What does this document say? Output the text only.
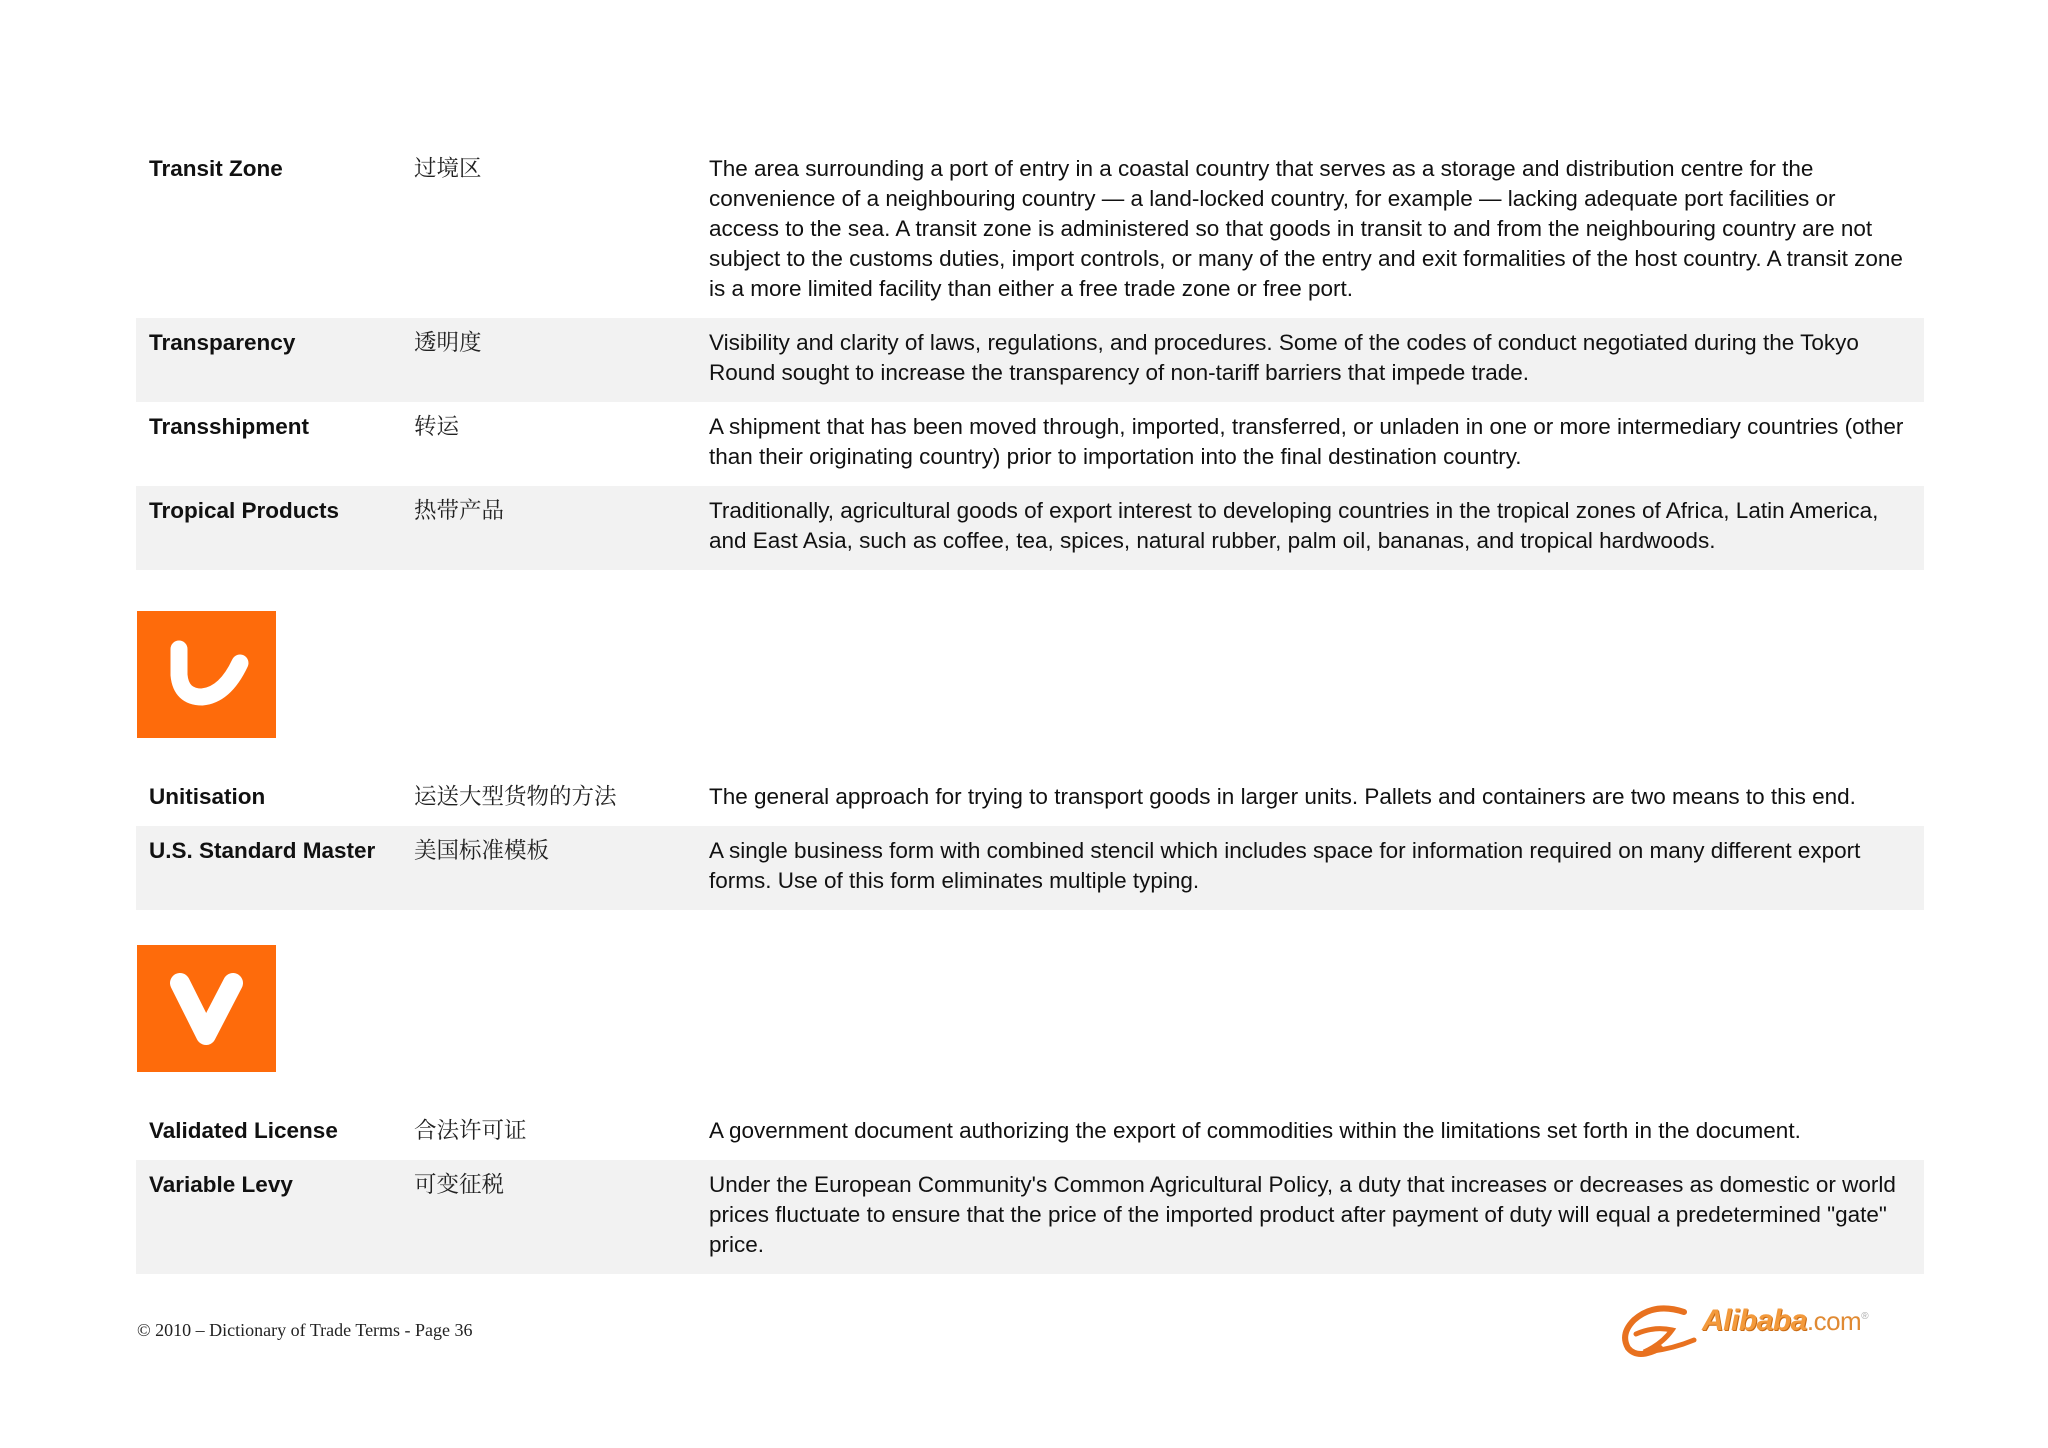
Transit Zone	过境区	The area surrounding a port of entry in a coastal country that serves as a storage and distribution centre for the convenience of a neighbouring country — a land-locked country, for example — lacking adequate port facilities or access to the sea. A transit zone is administered so that goods in transit to and from the neighbouring country are not subject to the customs duties, import controls, or many of the entry and exit formalities of the host country. A transit zone is a more limited facility than either a free trade zone or free port.
Transparency	透明度	Visibility and clarity of laws, regulations, and procedures. Some of the codes of conduct negotiated during the Tokyo Round sought to increase the transparency of non-tariff barriers that impede trade.
Transshipment	转运	A shipment that has been moved through, imported, transferred, or unladen in one or more intermediary countries (other than their originating country) prior to importation into the final destination country.
Tropical Products	热带产品	Traditionally, agricultural goods of export interest to developing countries in the tropical zones of Africa, Latin America, and East Asia, such as coffee, tea, spices, natural rubber, palm oil, bananas, and tropical hardwoods.
Unitisation	运送大型货物的方法	The general approach for trying to transport goods in larger units. Pallets and containers are two means to this end.
U.S. Standard Master	美国标准模板	A single business form with combined stencil which includes space for information required on many different export forms. Use of this form eliminates multiple typing.
Validated License	合法许可证	A government document authorizing the export of commodities within the limitations set forth in the document.
Variable Levy	可变征税	Under the European Community's Common Agricultural Policy, a duty that increases or decreases as domestic or world prices fluctuate to ensure that the price of the imported product after payment of duty will equal a predetermined "gate" price.
© 2010 – Dictionary of Trade Terms - Page 36	Alibaba.com®
